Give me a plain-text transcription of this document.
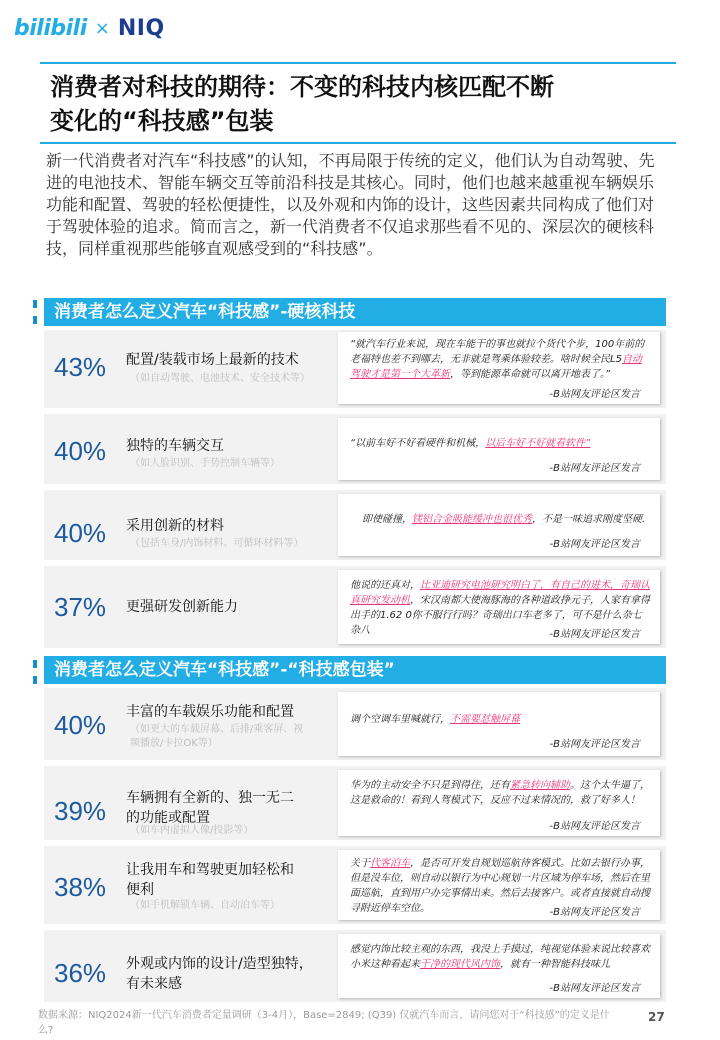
bilibili × NIQ
消费者对科技的期待：不变的科技内核匹配不断
变化的“科技感”包装
新一代消费者对汽车“科技感”的认知，不再局限于传统的定义，他们认为自动驾驶、先进的电池技术、智能车辆交互等前沿科技是其核心。同时，他们也越来越重视车辆娱乐功能和配置、驾驶的轻松便捷性，以及外观和内饰的设计，这些因素共同构成了他们对于驾驶体验的追求。简而言之，新一代消费者不仅追求那些看不见的、深层次的硬核科技，同样重视那些能够直观感受到的“科技感”。
消费者怎么定义汽车“科技感”-硬核科技
43% 配置/装载市场上最新的技术
（如自动驾驶、电池技术、安全技术等）
“就汽车行业来说，现在车能干的事也就拉个货代个步，100年前的老福特也差不到哪去，无非就是驾乘体验较差。啥时候全民L5自动驾驶才是第一个大革新，等到能源革命就可以离开地表了。”
-B站网友评论区发言
40% 独特的车辆交互
（如人脸识别、手势控制车辆等）
“以前车好不好看硬件和机械，以后车好不好就看软件”
-B站网友评论区发言
40% 采用创新的材料
（包括车身/内饰材料、可循环材料等）
即使碰撞，镁铝合金吸能缓冲也很优秀，不是一味追求刚度坚硬.
-B站网友评论区发言
37% 更强研发创新能力
他说的还真对，比亚迪研究电池研究明白了，有自己的进术，奇瑞认真研究发动机，宋汉南都大使海豚海的各种道政挣元子，人家有拿得出手的1.62 0你不服行行吗？奇瑞出口车老多了，可不是什么杂七杂八	-B站网友评论区发言
消费者怎么定义汽车“科技感”-“科技感包装”
40% 丰富的车载娱乐功能和配置
（如更大的车载屏幕、后排/乘客屏、视频播放/卡拉OK等）
调个空调车里喊就行，不需要怼触屏幕
-B站网友评论区发言
39% 车辆拥有全新的、独一无二的功能或配置
（如车内虚拟人像/投影等）
华为的主动安全不只是到得住，还有紧急转向辅助。这个太牛逼了，这是救命的！看到人驾模式下，反应不过来情况的，救了好多人！
-B站网友评论区发言
38%
让我用车和驾驶更加轻松和便利
（如手机解锁车辆、自动泊车等）
关于代客泊车，是否可开发自规划巡航待客模式。比如去银行办事，但是没车位，则自动以银行为中心规划一片区域为停车场，然后在里面巡航，直到用户办完事情出来。然后去接客户。或者直接就自动搜寻附近停车空位。	-B站网友评论区发言
36% 外观或内饰的设计/造型独特，有未来感
感觉内饰比较主观的东西，我没上手摸过，纯视觉体验来说比较喜欢小米这种看起来干净的现代风内饰，就有一种智能科技味儿
-B站网友评论区发言
数据来源：NIQ2024新一代汽车消费者定量调研（3-4月），Base=2849; (Q39) 仅就汽车而言，请问您对于“科技感”的定义是什么?
27
